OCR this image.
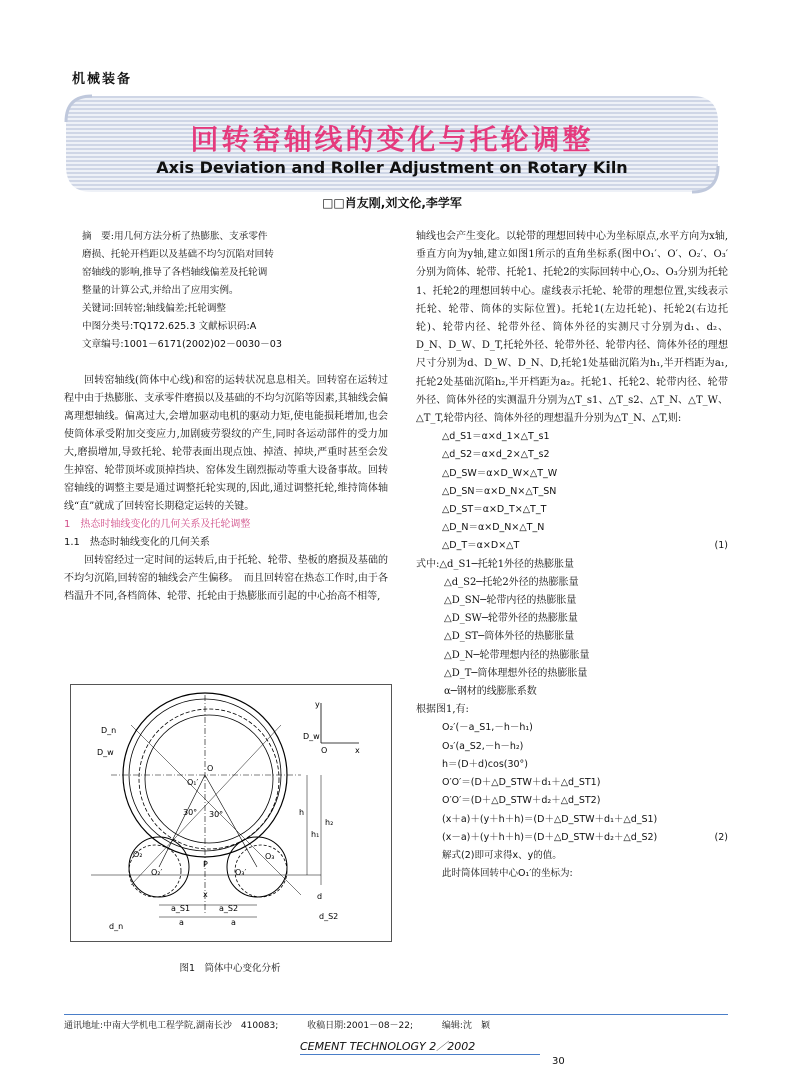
机械装备
回转窑轴线的变化与托轮调整
Axis Deviation and Roller Adjustment on Rotary Kiln
□□肖友刚,刘文伦,李学军

摘　要:用几何方法分析了热膨胀、支承零件

磨损、托轮开档距以及基础不均匀沉陷对回转

窑轴线的影响,推导了各档轴线偏差及托轮调

整量的计算公式,并给出了应用实例。

关键词:回转窑;轴线偏差;托轮调整

中图分类号:TQ172.625.3 文献标识码:A

文章编号:1001－6171(2002)02－0030－03

回转窑轴线(筒体中心线)和窑的运转状况息息相关。回转窑在运转过程中由于热膨胀、支承零件磨损以及基础的不均匀沉陷等因素,其轴线会偏离理想轴线。偏离过大,会增加驱动电机的驱动力矩,使电能损耗增加,也会使筒体承受附加交变应力,加剧疲劳裂纹的产生,同时各运动部件的受力加大,磨损增加,导致托轮、轮带表面出现点蚀、掉渣、掉块,严重时甚至会发生掉窑、轮带顶坏或顶掉挡块、窑体发生剧烈振动等重大设备事故。回转窑轴线的调整主要是通过调整托轮实现的,因此,通过调整托轮,维持筒体轴线“直”就成了回转窑长期稳定运转的关键。

1　热态时轴线变化的几何关系及托轮调整

1.1　热态时轴线变化的几何关系

回转窑经过一定时间的运转后,由于托轮、轮带、垫板的磨损及基础的不均匀沉陷,回转窑的轴线会产生偏移。　而且回转窑在热态工作时,由于各档温升不同,各档筒体、轮带、托轮由于热膨胀而引起的中心抬高不相等,

y
x
O
D_n
D_w
D_w
O
O₁′
30° 30°	h
h₁
h₂
O₂
O₂′
O₃
O₃′
P
x
a_S1	a_S2
a	a
d
d_S2
d_n
图1　筒体中心变化分析

轴线也会产生变化。以轮带的理想回转中心为坐标原点,水平方向为x轴,垂直方向为y轴,建立如图1所示的直角坐标系(图中O₁′、O′、O₂′、O₃′分别为筒体、轮带、托轮1、托轮2的实际回转中心,O₂、O₃分别为托轮1、托轮2的理想回转中心。虚线表示托轮、轮带的理想位置,实线表示托轮、轮带、筒体的实际位置)。托轮1(左边托轮)、托轮2(右边托轮)、轮带内径、轮带外径、筒体外径的实测尺寸分别为d₁、d₂、D_N、D_W、D_T,托轮外径、轮带外径、轮带内径、筒体外径的理想尺寸分别为d、D_W、D_N、D,托轮1处基础沉陷为h₁,半开档距为a₁,托轮2处基础沉陷h₂,半开档距为a₂。托轮1、托轮2、轮带内径、轮带外径、筒体外径的实测温升分别为△T_s1、△T_s2、△T_N、△T_W、△T_T,轮带内径、筒体外径的理想温升分别为△T_N、△T,则:

△d_S1＝α×d_1×△T_s1

△d_S2＝α×d_2×△T_s2

△D_SW＝α×D_W×△T_W

△D_SN＝α×D_N×△T_SN

△D_ST＝α×D_T×△T_T

△D_N＝α×D_N×△T_N

△D_T＝α×D×△T	(1)

式中:△d_S1─托轮1外径的热膨胀量

△d_S2─托轮2外径的热膨胀量

△D_SN─轮带内径的热膨胀量

△D_SW─轮带外径的热膨胀量

△D_ST─筒体外径的热膨胀量

△D_N─轮带理想内径的热膨胀量

△D_T─筒体理想外径的热膨胀量

α─钢材的线膨胀系数

根据图1,有:

O₂′(－a_S1,－h－h₁)

O₃′(a_S2,－h－h₂)

h＝(D＋d)cos(30°)

O′O′＝(D＋△D_STW＋d₁＋△d_ST1)

O′O′＝(D＋△D_STW＋d₂＋△d_ST2)

(x＋a)＋(y＋h＋h)＝(D＋△D_STW＋d₁＋△d_S1)

(x－a)＋(y＋h＋h)＝(D＋△D_STW＋d₂＋△d_S2)	(2)

解式(2)即可求得x、y的值。

此时筒体回转中心O₁′的坐标为:

通讯地址:中南大学机电工程学院,湖南长沙　410083;	收稿日期:2001－08－22;	编辑:沈　颖
CEMENT TECHNOLOGY 2／2002
30
